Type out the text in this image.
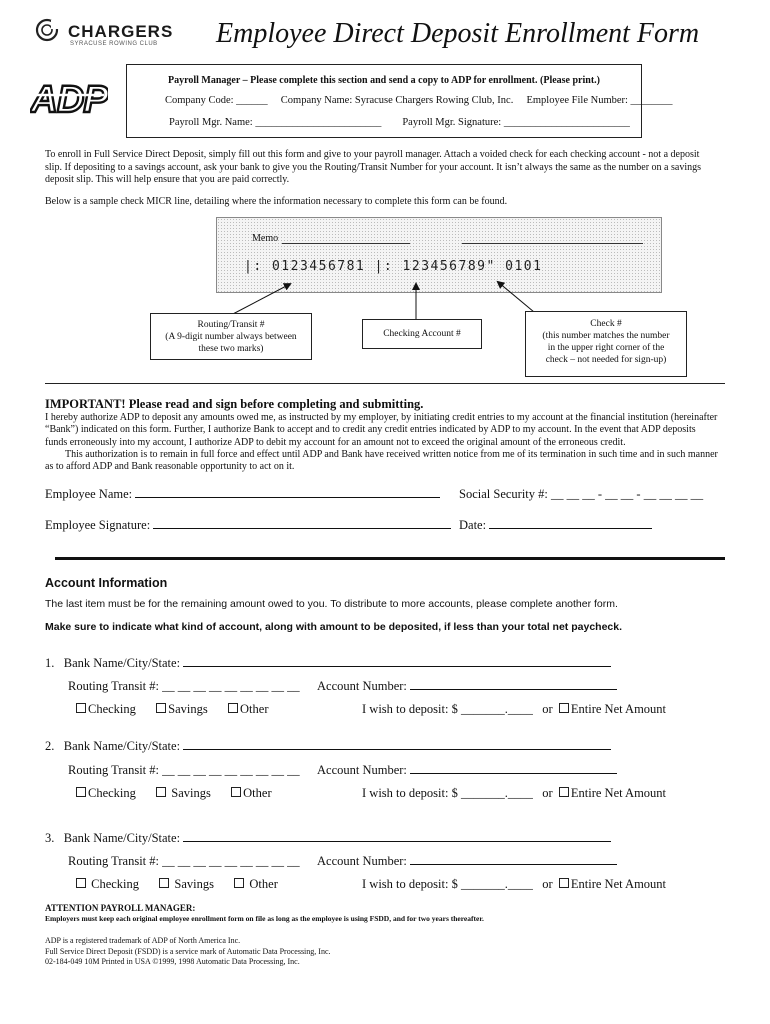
CHARGERS
SYRACUSE ROWING CLUB Employee Direct Deposit Enrollment Form
ADP	Payroll Manager – Please complete this section and send a copy to ADP for enrollment. (Please print.)
Company Code: ______ Company Name: Syracuse Chargers Rowing Club, Inc. Employee File Number: ________
Payroll Mgr. Name: ________________________ Payroll Mgr. Signature: ________________________
To enroll in Full Service Direct Deposit, simply fill out this form and give to your payroll manager. Attach a voided check for each checking account - not a deposit
slip. If depositing to a savings account, ask your bank to give you the Routing/Transit Number for your account. It isn’t always the same as the number on a savings
deposit slip. This will help ensure that you are paid correctly.
Below is a sample check MICR line, detailing where the information necessary to complete this form can be found.
Memo
|: 0123456781 |: 123456789" 0101
Routing/Transit #
(A 9-digit number always between
these two marks)
Checking Account #
Check #
(this number matches the number
in the upper right corner of the
check – not needed for sign-up)
IMPORTANT! Please read and sign before completing and submitting.
I hereby authorize ADP to deposit any amounts owed me, as instructed by my employer, by initiating credit entries to my account at the financial institution (hereinafter
“Bank”) indicated on this form. Further, I authorize Bank to accept and to credit any credit entries indicated by ADP to my account. In the event that ADP deposits
funds erroneously into my account, I authorize ADP to debit my account for an amount not to exceed the original amount of the erroneous credit.
This authorization is to remain in full force and effect until ADP and Bank have received written notice from me of its termination in such time and in such manner
as to afford ADP and Bank reasonable opportunity to act on it.
Employee Name:	Social Security #: __ __ __ - __ __ - __ __ __ __
Employee Signature:	Date:
Account Information
The last item must be for the remaining amount owed to you. To distribute to more accounts, please complete another form.
Make sure to indicate what kind of account, along with amount to be deposited, if less than your total net paycheck.
1. Bank Name/City/State:
Routing Transit #: __ __ __ __ __ __ __ __ __ Account Number:
Checking	Savings	Other	I wish to deposit: $ _______.____ or Entire Net Amount
2. Bank Name/City/State:
Routing Transit #: __ __ __ __ __ __ __ __ __ Account Number:
Checking	Savings	Other	I wish to deposit: $ _______.____ or Entire Net Amount
3. Bank Name/City/State:
Routing Transit #: __ __ __ __ __ __ __ __ __ Account Number:
Checking	Savings	Other	I wish to deposit: $ _______.____ or Entire Net Amount
ATTENTION PAYROLL MANAGER:
Employers must keep each original employee enrollment form on file as long as the employee is using FSDD, and for two years thereafter.
ADP is a registered trademark of ADP of North America Inc.
Full Service Direct Deposit (FSDD) is a service mark of Automatic Data Processing, Inc.
02-184-049 10M Printed in USA ©1999, 1998 Automatic Data Processing, Inc.
